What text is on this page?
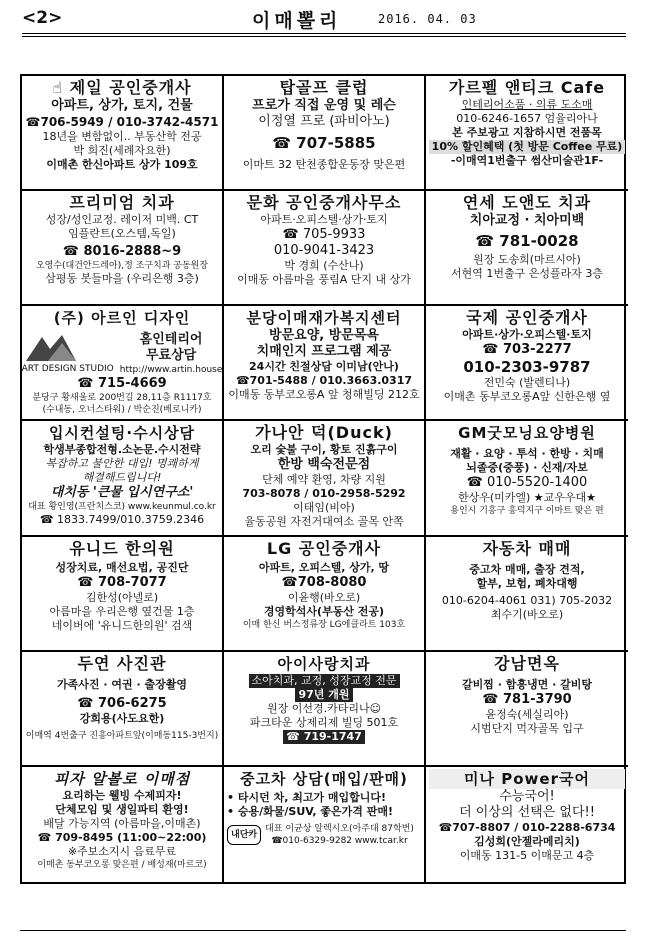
<2>	이매뽈리	2016. 04. 03
☝ 제일 공인중개사
아파트, 상가, 토지, 건물
☎706-5949 / 010-3742-4571
18년을 변함없이.. 부동산학 전공
박 희진(세례자요한)
이매촌 한신아파트 상가 109호
탑골프 클럽
프로가 직접 운영 및 레슨
이정열 프로 (파비아노)
☎ 707-5885
이마트 32 탄천종합운동장 맞은편
가르펠 앤티크 Cafe
인테리어소품 · 의류 도소매
010-6246-1657 엄율리아나
본 주보광고 지참하시면 전품목
10% 할인혜택 (첫 방문 Coffee 무료)
-이매역1번출구 썸산미술관1F-
프리미엄 치과
성장/성인교정. 레이저 미백. CT
임플란트(오스템,독일)
☎ 8016-2888~9
오영수(대건안드레아),정 조구치과 공동원장
삼평동 봇들마을 (우리은행 3층)
문화 공인중개사무소
아파트·오피스텔·상가·토지
☎ 705-9933
010-9041-3423
박 경희 (수산나)
이매동 아름마을 풍림A 단지 내 상가
연세 도앤도 치과
치아교정 · 치아미백
☎ 781-0028
원장 도송희(마르시아)
서현역 1번출구 은성플라자 3층
(주) 아르인 디자인
ART DESIGN STUDIO
홈인테리어
무료상담
http://www.artin.house
☎ 715-4669
분당구 황새울로 200번길 28,11층 R1117호
(수내동, 오너스타워) / 박순진(베로니카)
분당이매재가복지센터
방문요양, 방문목욕
치매인지 프로그램 제공
24시간 친절상담 이미남(안나)
☎701-5488 / 010.3663.0317
이매동 동부코오롱A 앞 청해빌딩 212호
국제 공인중개사
아파트·상가·오피스텔·토지
☎ 703-2277
010-2303-9787
전민숙 (발렌티나)
이매촌 동부코오롱A앞 신한은행 옆
입시컨설팅·수시상담
학생부종합전형.소논문.수시전략
복잡하고 불안한 대입! 명쾌하게
해결해드립니다!
대치동 '큰물 입시연구소'
대표 황인영(프란치스코) www.keunmul.co.kr
☎ 1833.7499/010.3759.2346
가나안 덕(Duck)
오리 숯불 구이, 황토 진흙구이
한방 백숙전문점
단체 예약 환영, 차량 지원
703-8078 / 010-2958-5292
이태임(비아)
율동공원 자전거대여소 골목 안쪽
GM굿모닝요양병원
재활 · 요양 · 투석 · 한방 · 치매
뇌졸중(중풍) · 신재/자보
☎ 010-5520-1400
한상우(미카엘) ★교우우대★
용인시 기흥구 흥덕지구 이마트 맞은 편
유니드 한의원
성장치료, 매선요법, 공진단
☎ 708-7077
김한성(아넬로)
아름마을 우리은행 옆건물 1층
네이버에 '유니드한의원' 검색
LG 공인중개사
아파트, 오피스텔, 상가, 땅
☎708-8080
이윤행(바오로)
경영학석사(부동산 전공)
이매 한신 버스정류장 LG에클라트 103호
자동차 매매
중고차 매매, 출장 견적,
할부, 보험, 폐차대행
010-6204-4061 031) 705-2032
최수기(바오로)
두연 사진관
가족사진 · 여권 · 출장촬영
☎ 706-6275
강희용(사도요한)
이매역 4번출구 진흥아파트앞(이매동115-3번지)
아이사랑치과
소아치과, 교정, 성장교정 전문
97년 개원
원장 이선경.카타리나☺
파크타운 상제리제 빌딩 501호
☎ 719-1747
강남면옥
갈비찜 · 함흥냉면 · 갈비탕
☎ 781-3790
윤정숙(세실리아)
시범단지 먹자골목 입구
피자 알볼로 이매점
요리하는 웰빙 수제피자!
단체모임 및 생일파티 환영!
배달 가능지역 (아름마을,이매촌)
☎ 709-8495 (11:00~22:00)
※주보소지시 음료무료
이매촌 동부코오롱 맞은편 / 배성재(마르코)
중고차 상담(매입/판매)
• 타시던 차, 최고가 매입합니다!
• 승용/화물/SUV, 좋은가격 판매!
내단카
대표 이균상 알렉시오(아주대 87학번)
☎010-6329-9282 www.tcar.kr
미나 Power국어
수능국어!
더 이상의 선택은 없다!!
☎707-8807 / 010-2288-6734
김성희(안젤라메리치)
이매동 131-5 이매문고 4층
